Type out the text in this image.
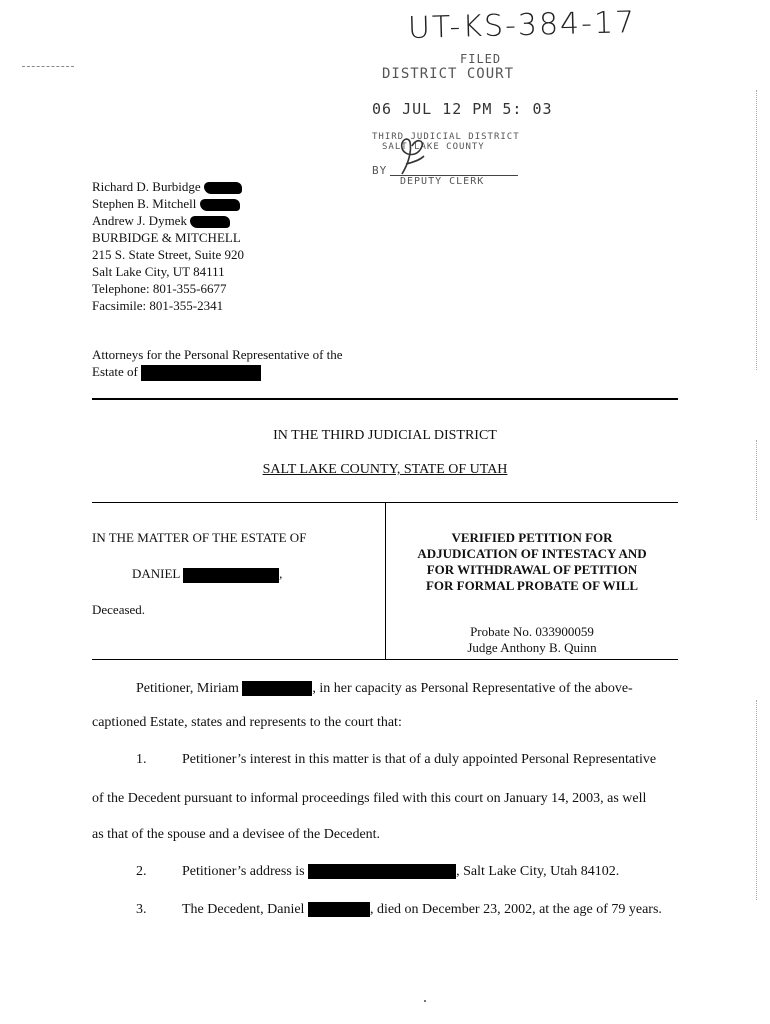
UT-KS-384-17
FILED
DISTRICT COURT
06 JUL 12 PM 5: 03
THIRD JUDICIAL DISTRICT
SALT LAKE COUNTY
BY
DEPUTY CLERK
Richard D. Burbidge
Stephen B. Mitchell
Andrew J. Dymek
BURBIDGE & MITCHELL
215 S. State Street, Suite 920
Salt Lake City, UT 84111
Telephone: 801-355-6677
Facsimile: 801-355-2341
Attorneys for the Personal Representative of the
Estate of
IN THE THIRD JUDICIAL DISTRICT
SALT LAKE COUNTY, STATE OF UTAH
IN THE MATTER OF THE ESTATE OF
DANIEL	,
Deceased.
VERIFIED PETITION FOR
ADJUDICATION OF INTESTACY AND
FOR WITHDRAWAL OF PETITION
FOR FORMAL PROBATE OF WILL
Probate No. 033900059
Judge Anthony B. Quinn
Petitioner, Miriam	, in her capacity as Personal Representative of the above-
captioned Estate, states and represents to the court that:
1.	Petitioner’s interest in this matter is that of a duly appointed Personal Representative
of the Decedent pursuant to informal proceedings filed with this court on January 14, 2003, as well
as that of the spouse and a devisee of the Decedent.
2.	Petitioner’s address is	, Salt Lake City, Utah 84102.
3.	The Decedent, Daniel	, died on December 23, 2002, at the age of 79 years.
